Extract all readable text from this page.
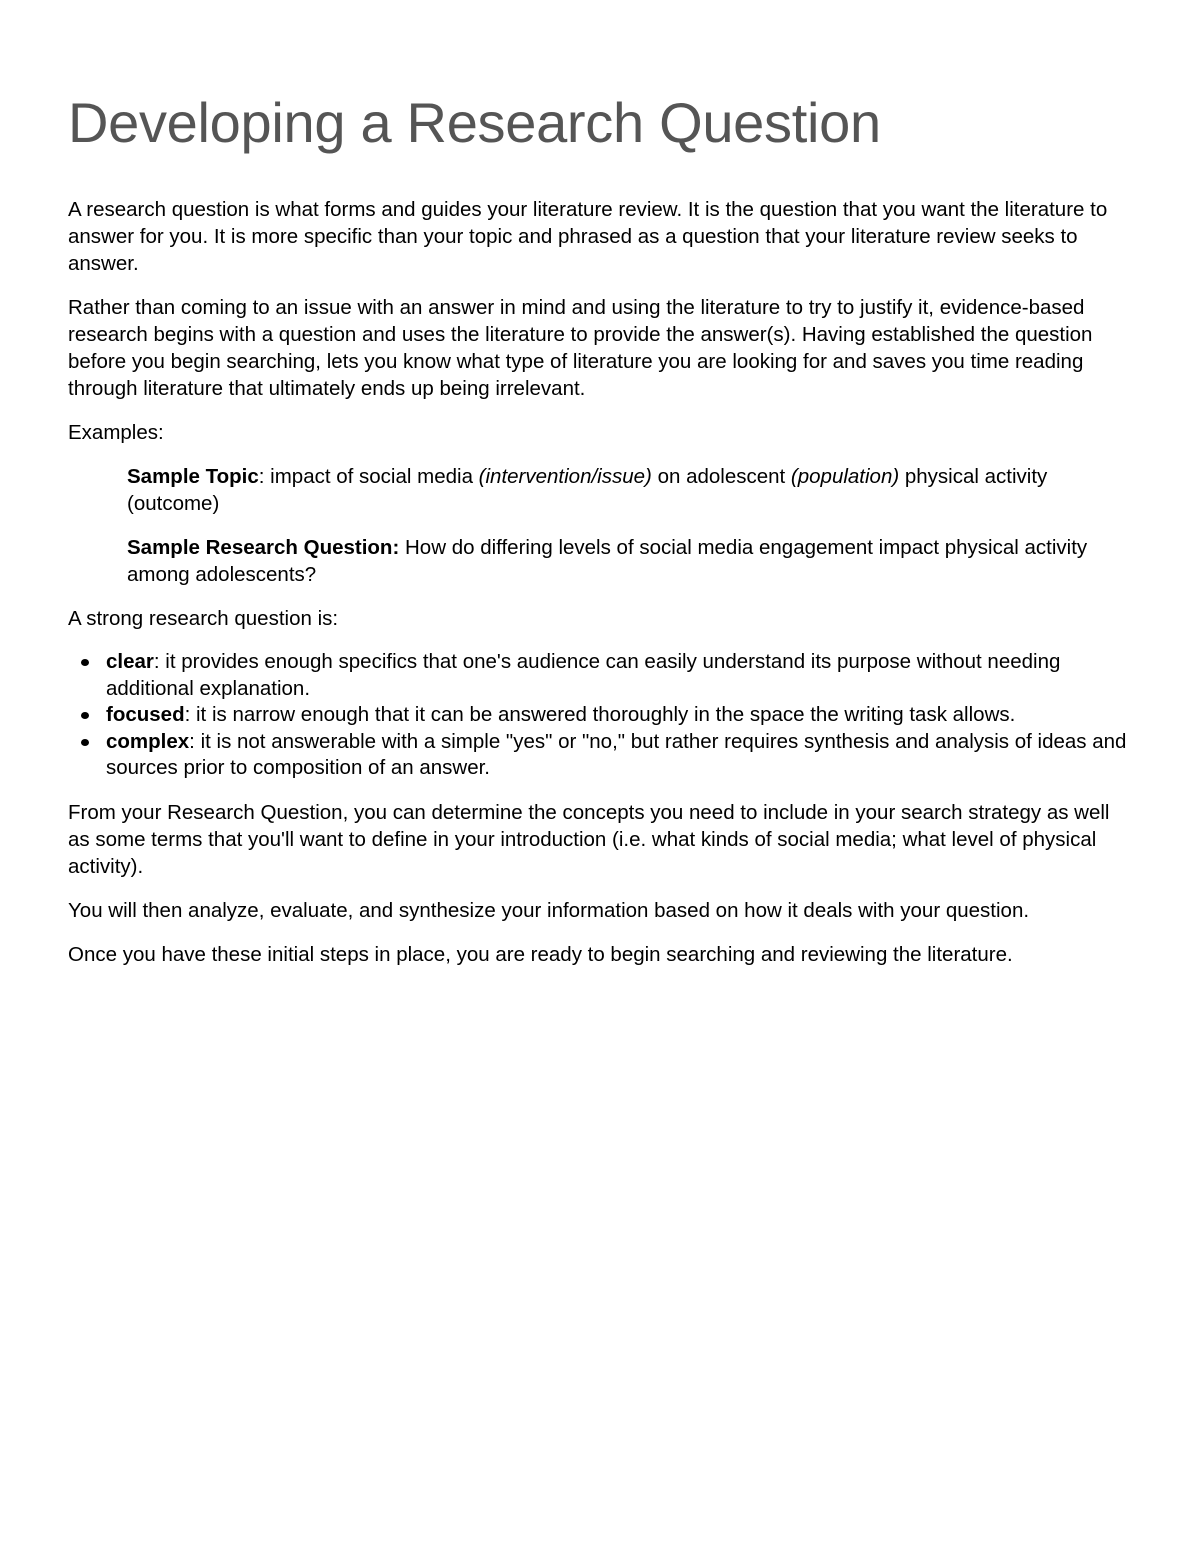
Developing a Research Question

A research question is what forms and guides your literature review. It is the question that you want the literature to answer for you. It is more specific than your topic and phrased as a question that your literature review seeks to answer.

Rather than coming to an issue with an answer in mind and using the literature to try to justify it, evidence-based research begins with a question and uses the literature to provide the answer(s). Having established the question before you begin searching, lets you know what type of literature you are looking for and saves you time reading through literature that ultimately ends up being irrelevant.

Examples:

Sample Topic: impact of social media (intervention/issue) on adolescent (population) physical activity (outcome)

Sample Research Question: How do differing levels of social media engagement impact physical activity among adolescents?

A strong research question is:

clear: it provides enough specifics that one's audience can easily understand its purpose without needing additional explanation.
focused: it is narrow enough that it can be answered thoroughly in the space the writing task allows.
complex: it is not answerable with a simple "yes" or "no," but rather requires synthesis and analysis of ideas and sources prior to composition of an answer.

From your Research Question, you can determine the concepts you need to include in your search strategy as well as some terms that you'll want to define in your introduction (i.e. what kinds of social media; what level of physical activity).

You will then analyze, evaluate, and synthesize your information based on how it deals with your question.

Once you have these initial steps in place, you are ready to begin searching and reviewing the literature.
